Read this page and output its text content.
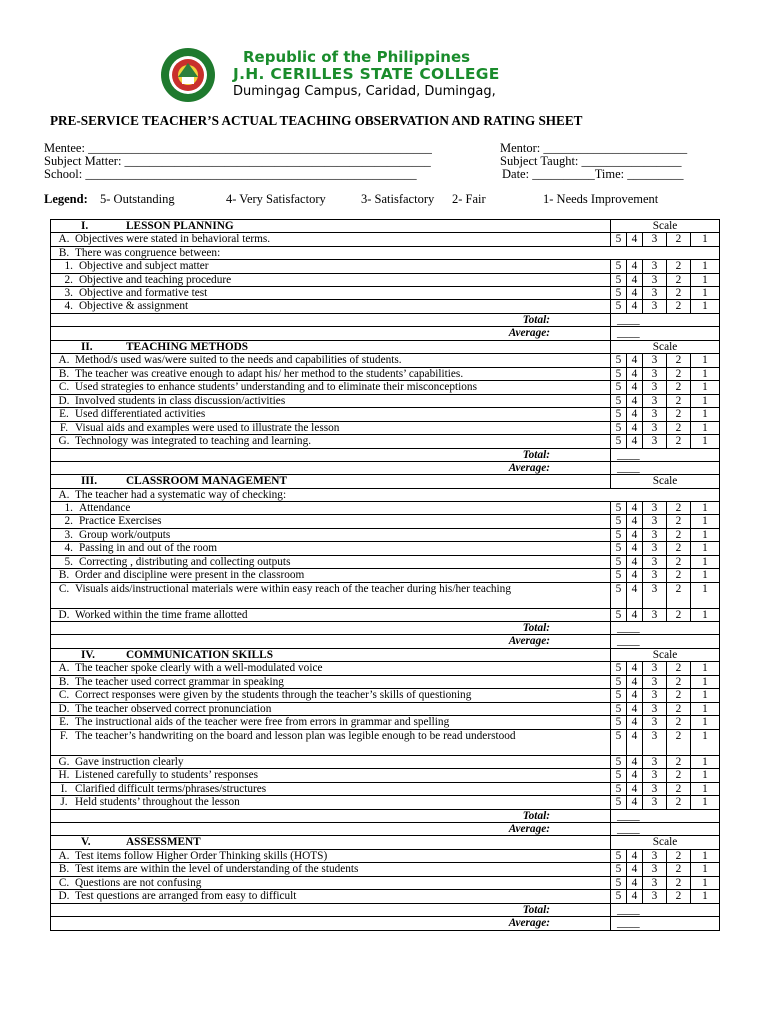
Republic of the Philippines
J.H. CERILLES STATE COLLEGE
Dumingag Campus, Caridad, Dumingag,
PRE-SERVICE TEACHER’S ACTUAL TEACHING OBSERVATION AND RATING SHEET
Mentee: _______________________________________________________	Mentor: _______________________
Subject Matter: _________________________________________________	Subject Taught: ________________
School: _____________________________________________________	Date: __________Time: _________
Legend: 5- Outstanding	4- Very Satisfactory	3- Satisfactory 2- Fair	1- Needs Improvement
I. LESSON PLANNING	Scale				

A. Objectives were stated in behavioral terms.	5	4	3	2	1
B. There was congruence between:					
1. Objective and subject matter	5	4	3	2	1
2. Objective and teaching procedure	5	4	3	2	1
3. Objective and formative test	5	4	3	2	1
4. Objective & assignment	5	4	3	2	1
Total:	____				
Average:	____				
II. TEACHING METHODS	Scale				

A. Method/s used was/were suited to the needs and capabilities of students.	5	4	3	2	1

B. The teacher was creative enough to adapt his/ her method to the students’ capabilities.	5	4	3	2	1

C. Used strategies to enhance students’ understanding and to eliminate their misconceptions	5	4	3	2	1

D. Involved students in class discussion/activities	5	4	3	2	1

E. Used differentiated activities	5	4	3	2	1

F. Visual aids and examples were used to illustrate the lesson	5	4	3	2	1

G. Technology was integrated to teaching and learning.	5	4	3	2	1
Total:	____				
Average:	____				
III. CLASSROOM MANAGEMENT	Scale				
A. The teacher had a systematic way of checking:					
1. Attendance	5	4	3	2	1
2. Practice Exercises	5	4	3	2	1
3. Group work/outputs	5	4	3	2	1
4. Passing in and out of the room	5	4	3	2	1
5. Correcting , distributing and collecting outputs	5	4	3	2	1

B. Order and discipline were present in the classroom	5	4	3	2	1

C. Visuals aids/instructional materials were within easy reach of the teacher during his/her teaching	5	4	3	2	1

D. Worked within the time frame allotted	5	4	3	2	1
Total:	____				
Average:	____				
IV. COMMUNICATION SKILLS	Scale				

A. The teacher spoke clearly with a well-modulated voice	5	4	3	2	1

B. The teacher used correct grammar in speaking	5	4	3	2	1

C. Correct responses were given by the students through the teacher’s skills of questioning	5	4	3	2	1

D. The teacher observed correct pronunciation	5	4	3	2	1

E. The instructional aids of the teacher were free from errors in grammar and spelling	5	4	3	2	1

F. The teacher’s handwriting on the board and lesson plan was legible enough to be read understood	5	4	3	2	1

G. Gave instruction clearly	5	4	3	2	1

H. Listened carefully to students’ responses	5	4	3	2	1

I. Clarified difficult terms/phrases/structures	5	4	3	2	1

J. Held students’ throughout the lesson	5	4	3	2	1
Total:	____				
Average:	____				
V. ASSESSMENT	Scale				

A. Test items follow Higher Order Thinking skills (HOTS)	5	4	3	2	1

B. Test items are within the level of understanding of the students	5	4	3	2	1

C. Questions are not confusing	5	4	3	2	1

D. Test questions are arranged from easy to difficult	5	4	3	2	1
Total:	____				
Average:	____				
